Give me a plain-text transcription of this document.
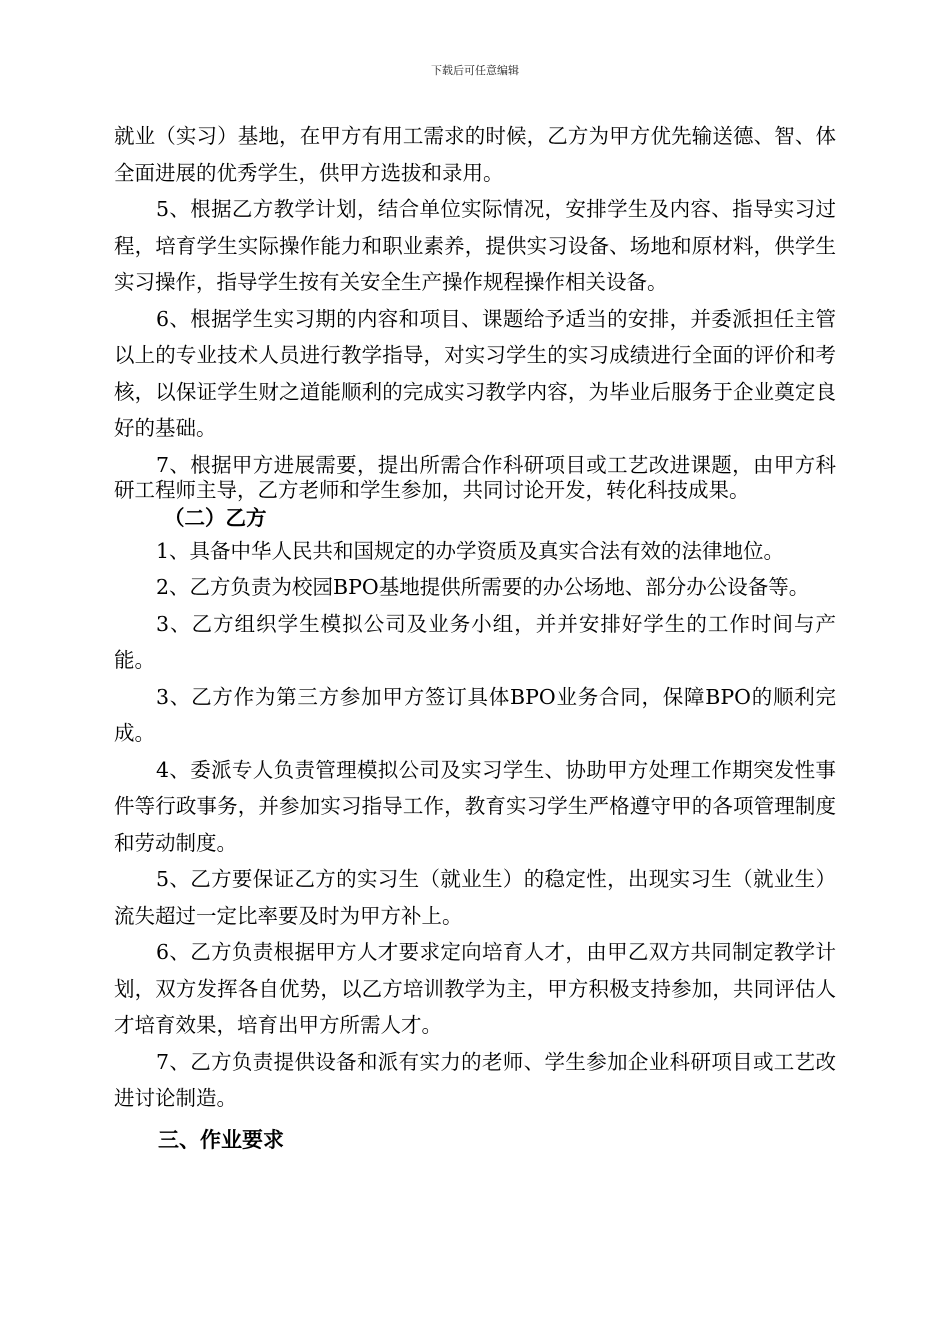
下载后可任意编辑

就业（实习）基地，在甲方有用工需求的时候，乙方为甲方优先输送德、智、体全面进展的优秀学生，供甲方选拔和录用。

5、根据乙方教学计划，结合单位实际情况，安排学生及内容、指导实习过程，培育学生实际操作能力和职业素养，提供实习设备、场地和原材料，供学生实习操作，指导学生按有关安全生产操作规程操作相关设备。

6、根据学生实习期的内容和项目、课题给予适当的安排，并委派担任主管以上的专业技术人员进行教学指导，对实习学生的实习成绩进行全面的评价和考核，以保证学生财之道能顺利的完成实习教学内容，为毕业后服务于企业奠定良好的基础。

7、根据甲方进展需要，提出所需合作科研项目或工艺改进课题，由甲方科研工程师主导，乙方老师和学生参加，共同讨论开发，转化科技成果。

（二）乙方

1、具备中华人民共和国规定的办学资质及真实合法有效的法律地位。

2、乙方负责为校园BPO基地提供所需要的办公场地、部分办公设备等。

3、乙方组织学生模拟公司及业务小组，并并安排好学生的工作时间与产能。

3、乙方作为第三方参加甲方签订具体BPO业务合同，保障BPO的顺利完成。

4、委派专人负责管理模拟公司及实习学生、协助甲方处理工作期突发性事件等行政事务，并参加实习指导工作，教育实习学生严格遵守甲的各项管理制度和劳动制度。

5、乙方要保证乙方的实习生（就业生）的稳定性，出现实习生（就业生）流失超过一定比率要及时为甲方补上。

6、乙方负责根据甲方人才要求定向培育人才，由甲乙双方共同制定教学计划，双方发挥各自优势，以乙方培训教学为主，甲方积极支持参加，共同评估人才培育效果，培育出甲方所需人才。

7、乙方负责提供设备和派有实力的老师、学生参加企业科研项目或工艺改进讨论制造。

三、作业要求
